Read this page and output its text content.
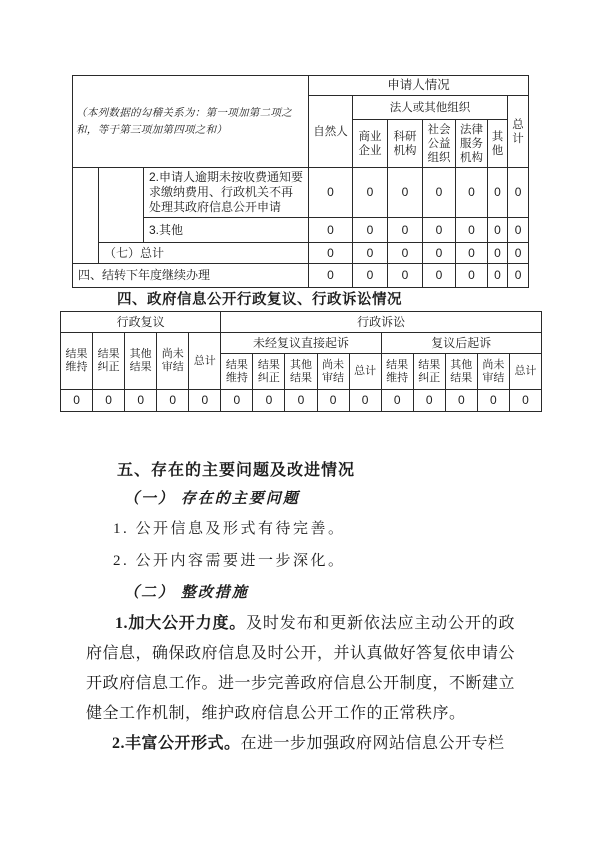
（本列数据的勾稽关系为：第一项加第二项之和，等于第三项加第四项之和）			申请人情况						
			自然人	法人或其他组织					总计
				商业企业	科研机构	社会公益组织	法律服务机构	其他	
		2.申请人逾期未按收费通知要求缴纳费用、行政机关不再处理其政府信息公开申请	0	0	0	0	0	0	0
		3.其他	0	0	0	0	0	0	0
	（七）总计		0	0	0	0	0	0	0
四、结转下年度继续办理			0	0	0	0	0	0	0
四、政府信息公开行政复议、行政诉讼情况
行政复议					行政诉讼									
结果维持	结果纠正	其他结果	尚未审结	总计	未经复议直接起诉					复议后起诉				
					结果维持	结果纠正	其他结果	尚未审结	总计	结果维持	结果纠正	其他结果	尚未审结	总计
0	0	0	0	0	0	0	0	0	0	0	0	0	0	0
五、存在的主要问题及改进情况
（一） 存在的主要问题
1. 公开信息及形式有待完善。
2. 公开内容需要进一步深化。
（二） 整改措施

1.加大公开力度。及时发布和更新依法应主动公开的政府信息，确保政府信息及时公开，并认真做好答复依申请公开政府信息工作。进一步完善政府信息公开制度，不断建立健全工作机制，维护政府信息公开工作的正常秩序。

2.丰富公开形式。在进一步加强政府网站信息公开专栏
